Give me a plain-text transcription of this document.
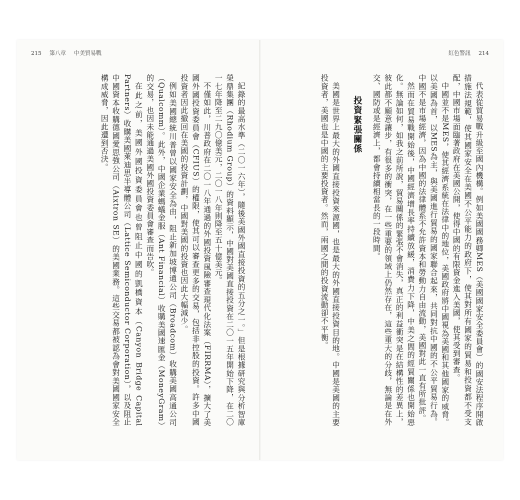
215 第八章 中美貿易戰	紅色警訊 214

代表從貿易戰升級至國內機構。例如美國國務卿MES（美國國家安全委員會）的國安法程序開啟措施法規範，使其國家安全在美國不公平能力的政府下，使其對所有國家的貿易和投資都不受支配，中國市場面臨著政府在美國公開，使得中國的有限資金進入美國，使其受到審查。

中國並不是MES，使其經濟系統在法律中的地位，美國政府將中國視為美國和其他國家的威脅。以美國為首，以MES為主，與美國進行貿易的國家聯合起來，共同對抗中國的不公平貿易行為。中國不是市場經濟，因為中國的法律體系不允許資本和勞動力自由流動，美國對此一直有所批評。

然而在貿易戰開始後，中國經濟增長率持續放緩，消費力下降，中美之間的經貿關係也開始惡化。無論如何，如我之前所說，貿易關係的緊張不會消失，真正的利益衝突是在結構性的差異上，彼此都不願意讓步，有很多的衝突，在一些重要的領域上仍然存在，這些重大的分歧，無論是在外交、國防或是經濟上，都會持續相當長的一段時間。

投資緊張關係

美國是世界上最大的外國直接投資來源國，也是最大的外國直接投資目的地。中國是美國的主要投資者，美國也是中國的主要投資者。然而，兩國之間的投資流動卻不平衡。

紀錄的最高水準（二〇一六年），隨後美國外國直接投資的五分之一。」但是根據研究與分析智庫榮鼎集團（Rhodium Group）的資料顯示，中國對美國直接投資在二〇一五年開始下降，在二〇一七年降至二九〇億美元，二〇一八年則降至五十億美元。

不僅如此，川普政府在二〇一八年通過的外國投資風險審查現代化法案（FIRRMA），擴大了美國外國投資委員會（CFIUS）的權限，使其可以審查更多的交易，包括非控股的投資。許多中國投資者因此撤回在美國的投資計劃，中國對美國的投資也因此大幅減少。

例如美國總統川普曾以國家安全為由，阻止新加坡博通公司（Broadcom）收購美國高通公司（Qualcomm）。此外，中國企業螞蟻金服（Ant Financial）收購美國速匯金（MoneyGram）的交易，也因未能通過美國外國投資委員會審查而告吹。

在此之前，美國外國投資委員會也曾阻止中國的凱橋資本（Canyon Bridge Capital Partners）收購美國萊迪思半導體公司（Lattice Semiconductor Corporation），以及阻止中國資本收購德國愛思強公司（Aixtron SE）的美國業務。這些交易都被認為會對美國國家安全構成威脅，因此遭到否決。
